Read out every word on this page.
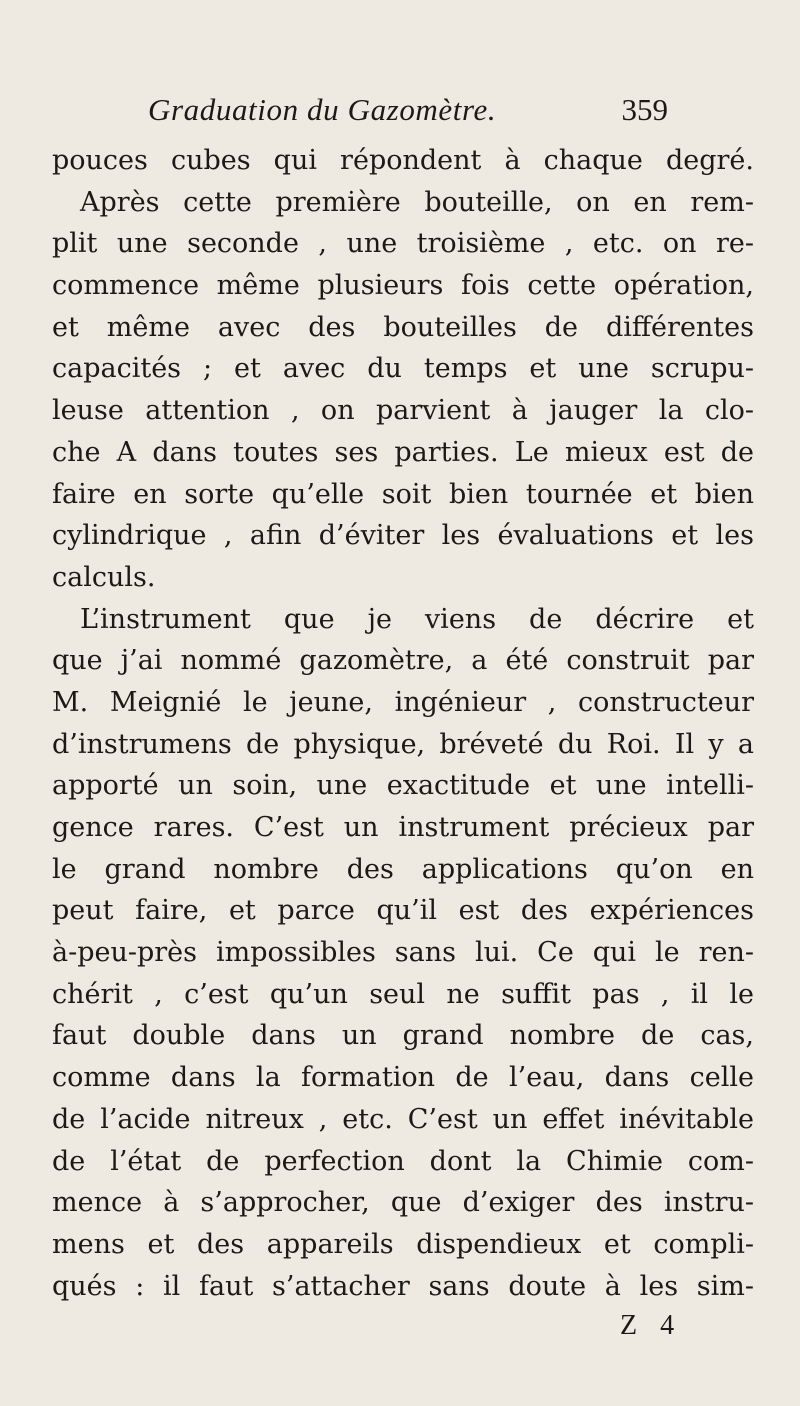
Graduation du Gazomètre.	359
pouces cubes qui répondent à chaque degré.
Après cette première bouteille, on en rem-
plit une seconde , une troisième , etc. on re-
commence même plusieurs fois cette opération,
et même avec des bouteilles de différentes
capacités ; et avec du temps et une scrupu-
leuse attention , on parvient à jauger la clo-
che A dans toutes ses parties. Le mieux est de
faire en sorte qu’elle soit bien tournée et bien
cylindrique , afin d’éviter les évaluations et les
calculs.
L’instrument que je viens de décrire et
que j’ai nommé gazomètre, a été construit par
M. Meignié le jeune, ingénieur , constructeur
d’instrumens de physique, bréveté du Roi. Il y a
apporté un soin, une exactitude et une intelli-
gence rares. C’est un instrument précieux par
le grand nombre des applications qu’on en
peut faire, et parce qu’il est des expériences
à-peu-près impossibles sans lui. Ce qui le ren-
chérit , c’est qu’un seul ne suffit pas , il le
faut double dans un grand nombre de cas,
comme dans la formation de l’eau, dans celle
de l’acide nitreux , etc. C’est un effet inévitable
de l’état de perfection dont la Chimie com-
mence à s’approcher, que d’exiger des instru-
mens et des appareils dispendieux et compli-
qués : il faut s’attacher sans doute à les sim-
Z 4
